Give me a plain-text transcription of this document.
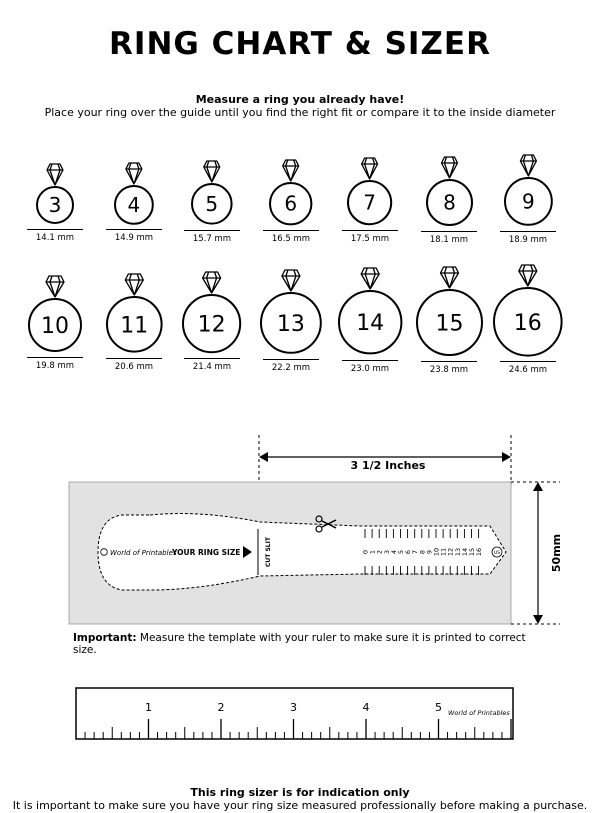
RING CHART & SIZER
Measure a ring you already have!
Place your ring over the guide until you find the right fit or compare it to the inside diameter
3
14.1 mm
4
14.9 mm
5
15.7 mm
6
16.5 mm
7
17.5 mm
8
18.1 mm
9
18.9 mm
10
19.8 mm
11
20.6 mm
12
21.4 mm
13
22.2 mm
14
23.0 mm
15
23.8 mm
16
24.6 mm
3 1/2 Inches
50mm
World of Printables
YOUR RING SIZE	CUT SLIT	0 1 2 3 4 5 6 7 8 9 10 11 12 13 14 15 16 US
Important: Measure the template with your ruler to make sure it is printed to correct size.
1	2	3	4	5 World of Printables
This ring sizer is for indication only
It is important to make sure you have your ring size measured professionally before making a purchase.
